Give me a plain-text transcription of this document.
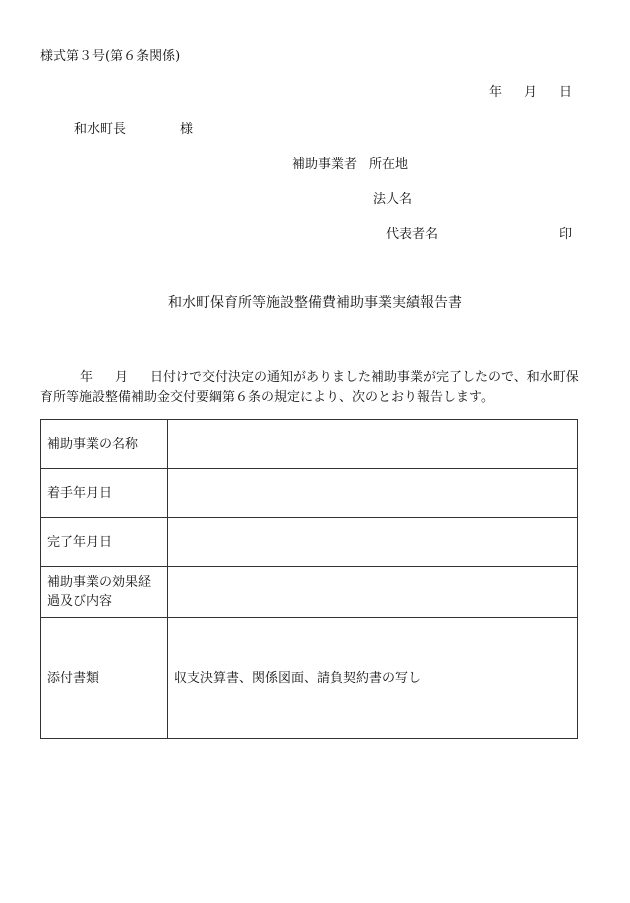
様式第３号(第６条関係)
年 月 日
和水町長	様
補助事業者 所在地
法人名
代表者名	印
和水町保育所等施設整備費補助事業実績報告書
年 月 日付けで交付決定の通知がありました補助事業が完了したので、和水町保育所等施設整備補助金交付要綱第６条の規定により、次のとおり報告します。
補助事業の名称	
着手年月日	
完了年月日	
補助事業の効果経過及び内容	
添付書類	収支決算書、関係図面、請負契約書の写し
